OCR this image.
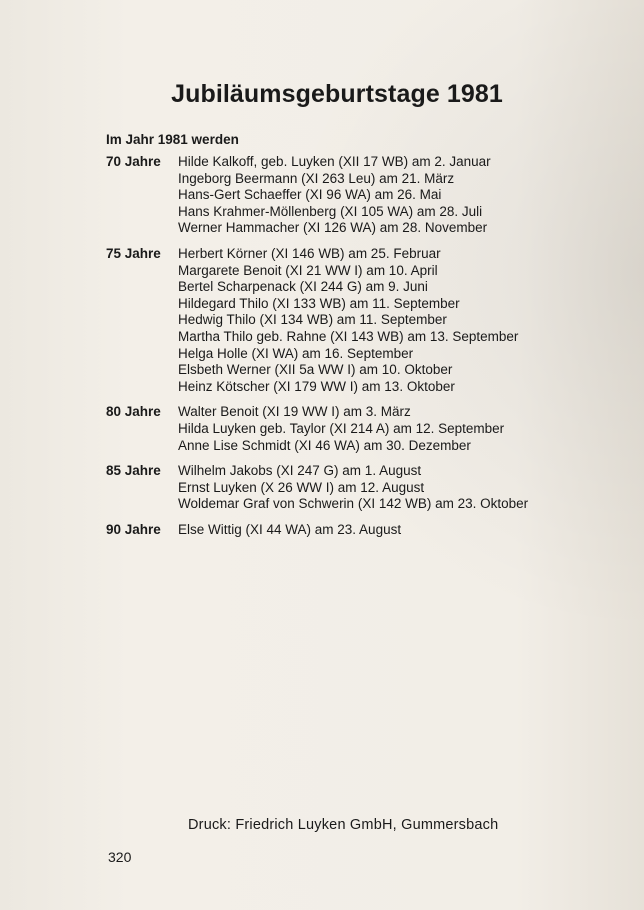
Jubiläumsgeburtstage 1981
Im Jahr 1981 werden
70 Jahre	Hilde Kalkoff, geb. Luyken (XII 17 WB) am 2. Januar
Ingeborg Beermann (XI 263 Leu) am 21. März
Hans-Gert Schaeffer (XI 96 WA) am 26. Mai
Hans Krahmer-Möllenberg (XI 105 WA) am 28. Juli
Werner Hammacher (XI 126 WA) am 28. November
75 Jahre	Herbert Körner (XI 146 WB) am 25. Februar
Margarete Benoit (XI 21 WW I) am 10. April
Bertel Scharpenack (XI 244 G) am 9. Juni
Hildegard Thilo (XI 133 WB) am 11. September
Hedwig Thilo (XI 134 WB) am 11. September
Martha Thilo geb. Rahne (XI 143 WB) am 13. September
Helga Holle (XI WA) am 16. September
Elsbeth Werner (XII 5a WW I) am 10. Oktober
Heinz Kötscher (XI 179 WW I) am 13. Oktober
80 Jahre	Walter Benoit (XI 19 WW I) am 3. März
Hilda Luyken geb. Taylor (XI 214 A) am 12. September
Anne Lise Schmidt (XI 46 WA) am 30. Dezember
85 Jahre	Wilhelm Jakobs (XI 247 G) am 1. August
Ernst Luyken (X 26 WW I) am 12. August
Woldemar Graf von Schwerin (XI 142 WB) am 23. Oktober
90 Jahre	Else Wittig (XI 44 WA) am 23. August
Druck: Friedrich Luyken GmbH, Gummersbach
320
